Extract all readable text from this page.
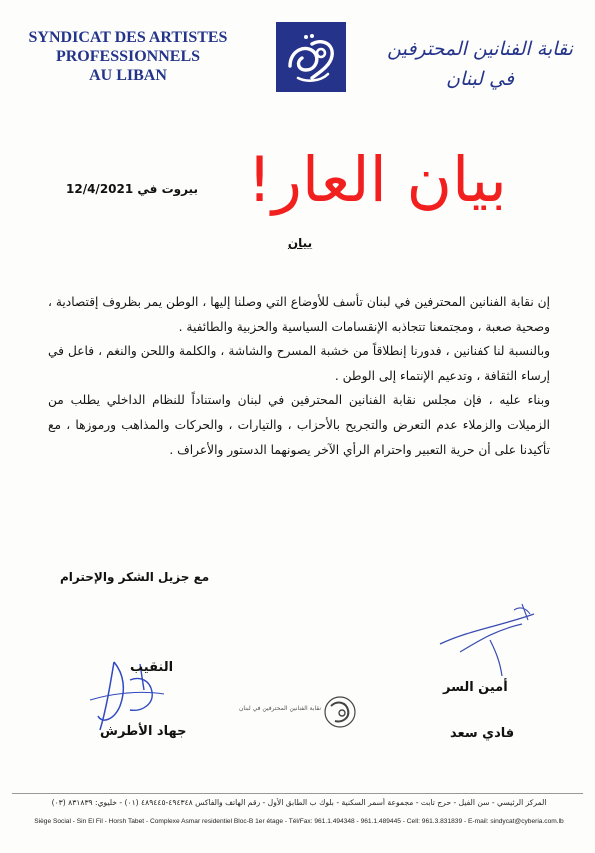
SYNDICAT DES ARTISTES
PROFESSIONNELS
AU LIBAN
نقابة الفنانين المحترفين
في لبنان
بيروت في 12/4/2021 بيان العار!
بيان

إن نقابة الفنانين المحترفين في لبنان تأسف للأوضاع التي وصلنا إليها ، الوطن يمر بظروف إقتصادية ، وصحية صعبة ، ومجتمعنا تتجاذبه الإنقسامات السياسية والحزبية والطائفية .

وبالنسبة لنا كفنانين ، فدورنا إنطلاقاً من خشبة المسرح والشاشة ، والكلمة واللحن والنغم ، فاعل في إرساء الثقافة ، وتدعيم الإنتماء إلى الوطن .

وبناء عليه ، فإن مجلس نقابة الفنانين المحترفين في لبنان واستناداً للنظام الداخلي يطلب من الزميلات والزملاء عدم التعرض والتجريح بالأحزاب ، والتيارات ، والحركات والمذاهب ورموزها ، مع تأكيدنا على أن حرية التعبير واحترام الرأي الآخر يصونهما الدستور والأعراف .

مع جزيل الشكر والإحترام
أمين السر
فادي سعد
النقيب
جهاد الأطرش
نقابة الفنانين المحترفين في لبنان
المركز الرئيسي - سن الفيل - حرج تابت - مجموعة أسمر السكنية - بلوك ب الطابق الأول - رقم الهاتف والفاكس ٤٩٤٣٤٨-٤٨٩٤٤٥ (٠١) - خليوي: ٨٣١٨٣٩ (٠٣)
Siège Social - Sin El Fil - Horsh Tabet - Complexe Asmar residentiel Bloc-B 1er étage - Tél/Fax: 961.1.494348 - 961.1.489445 - Cell: 961.3.831839 - E-mail: sindycat@cyberia.com.lb
